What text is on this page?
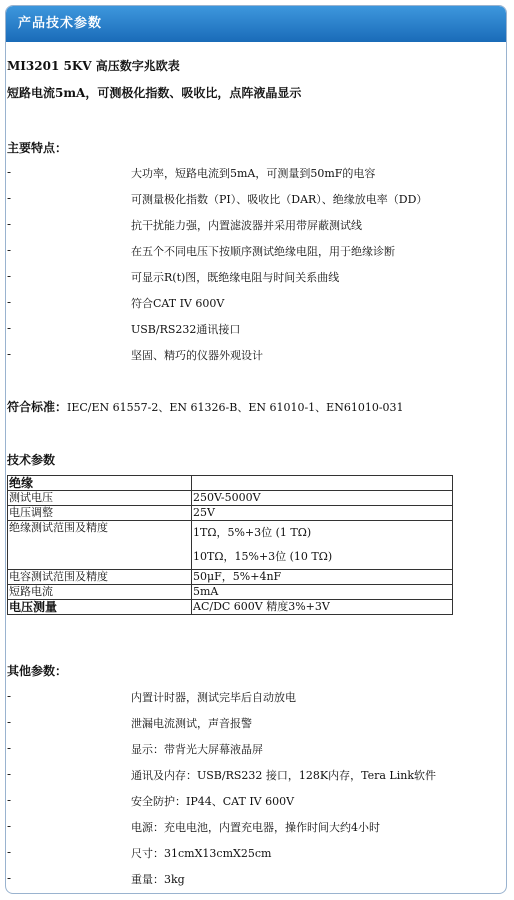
产品技术参数
MI3201 5KV 高压数字兆欧表
短路电流5mA，可测极化指数、吸收比，点阵液晶显示
主要特点：
-	大功率，短路电流到5mA，可测量到50mF的电容
-	可测量极化指数（PI）、吸收比（DAR）、绝缘放电率（DD）
-	抗干扰能力强，内置滤波器并采用带屏蔽测试线
-	在五个不同电压下按顺序测试绝缘电阻，用于绝缘诊断
-	可显示R(t)图，既绝缘电阻与时间关系曲线
-	符合CAT IV 600V
-	USB/RS232通讯接口
-	坚固、精巧的仪器外观设计
符合标准：IEC/EN 61557-2、EN 61326-B、EN 61010-1、EN61010-031
技术参数
绝缘	
测试电压	250V-5000V
电压调整	25V
绝缘测试范围及精度	1TΩ，5%+3位 (1 TΩ)
10TΩ，15%+3位 (10 TΩ)

电容测试范围及精度	50μF，5%+4nF
短路电流	5mA
电压测量	AC/DC 600V 精度3%+3V
其他参数：
-	内置计时器，测试完毕后自动放电
-	泄漏电流测试，声音报警
-	显示：带背光大屏幕液晶屏
-	通讯及内存：USB/RS232 接口，128K内存，Tera Link软件
-	安全防护：IP44、CAT IV 600V
-	电源：充电电池，内置充电器，操作时间大约4小时
-	尺寸：31cmX13cmX25cm
-	重量：3kg
